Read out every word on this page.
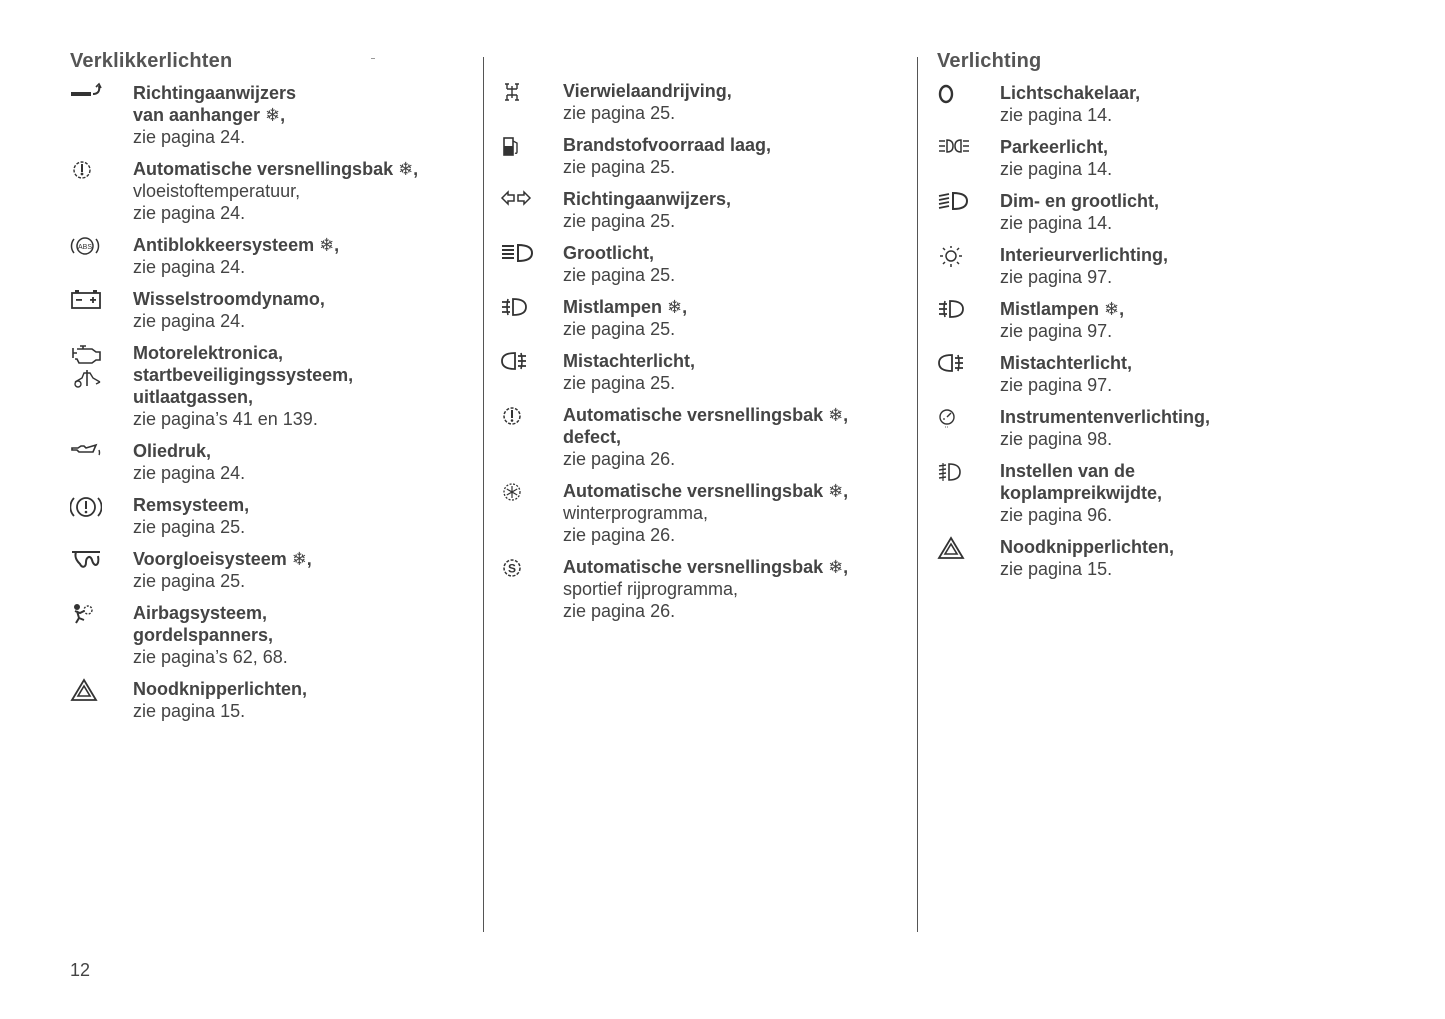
Verklikkerlichten
Richtingaanwijzers
van aanhanger ❄,
zie pagina 24.
Automatische versnellingsbak ❄,
vloeistoftemperatuur,
zie pagina 24.
ABS Antiblokkeersysteem ❄,
zie pagina 24.
Wisselstroomdynamo,
zie pagina 24.
Motorelektronica,
startbeveiligingssysteem,
uitlaatgassen,
zie pagina’s 41 en 139.
Oliedruk,
zie pagina 24.
Remsysteem,
zie pagina 25.
Voorgloeisysteem ❄,
zie pagina 25.
Airbagsysteem,
gordelspanners,
zie pagina’s 62, 68.
Noodknipperlichten,
zie pagina 15.
Vierwielaandrijving,
zie pagina 25.
Brandstofvoorraad laag,
zie pagina 25.
Richtingaanwijzers,
zie pagina 25.
Grootlicht,
zie pagina 25.
Mistlampen ❄,
zie pagina 25.
Mistachterlicht,
zie pagina 25.
Automatische versnellingsbak ❄,
defect,
zie pagina 26.
Automatische versnellingsbak ❄,
winterprogramma,
zie pagina 26.
S	Automatische versnellingsbak ❄,
sportief rijprogramma,
zie pagina 26.
Verlichting
Lichtschakelaar,
zie pagina 14.
Parkeerlicht,
zie pagina 14.
Dim- en grootlicht,
zie pagina 14.
Interieurverlichting,
zie pagina 97.
Mistlampen ❄,
zie pagina 97.
Mistachterlicht,
zie pagina 97.
Instrumentenverlichting,
zie pagina 98.
Instellen van de
koplampreikwijdte,
zie pagina 96.
Noodknipperlichten,
zie pagina 15.
12
